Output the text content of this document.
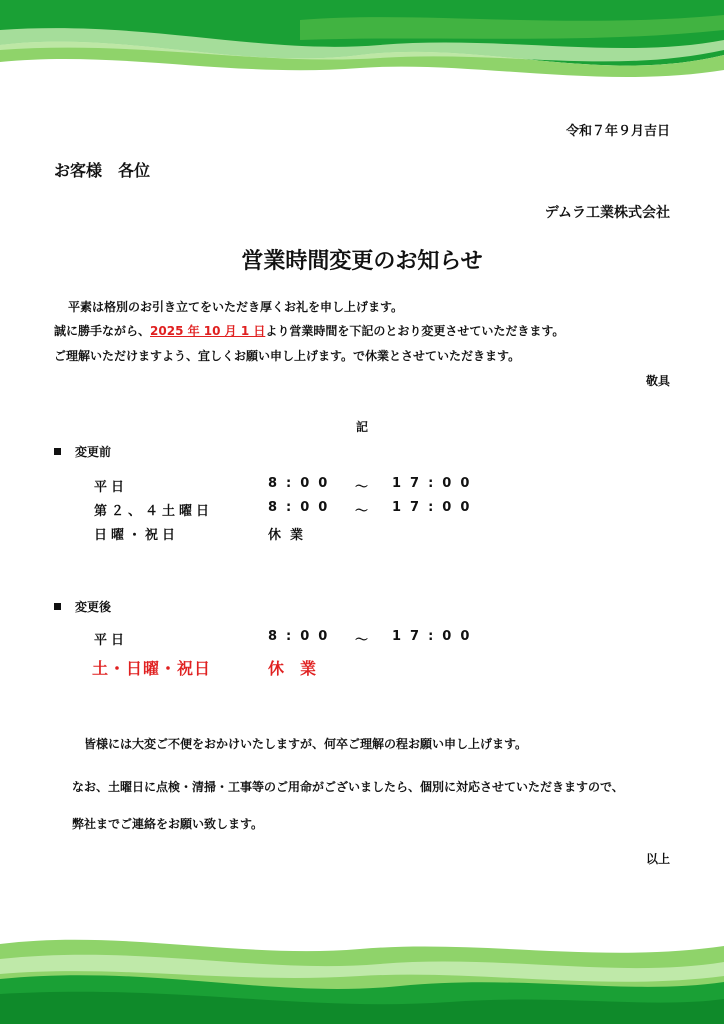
令和７年９月吉日
お客様　各位
デムラ工業株式会社
営業時間変更のお知らせ
平素は格別のお引き立てをいただき厚くお礼を申し上げます。
誠に勝手ながら、2025 年 10 月 1 日より営業時間を下記のとおり変更させていただきます。
ご理解いただけますよう、宜しくお願い申し上げます。で休業とさせていただきます。
敬具
記
変更前
平日	8:00 ～ 17:00
第２、４土曜日	8:00 ～ 17:00
日曜・祝日	休業
変更後
平日	8:00 ～ 17:00
土・日曜・祝日	休　業
皆様には大変ご不便をおかけいたしますが、何卒ご理解の程お願い申し上げます。
なお、土曜日に点検・清掃・工事等のご用命がございましたら、個別に対応させていただきますので、
弊社までご連絡をお願い致します。
以上
